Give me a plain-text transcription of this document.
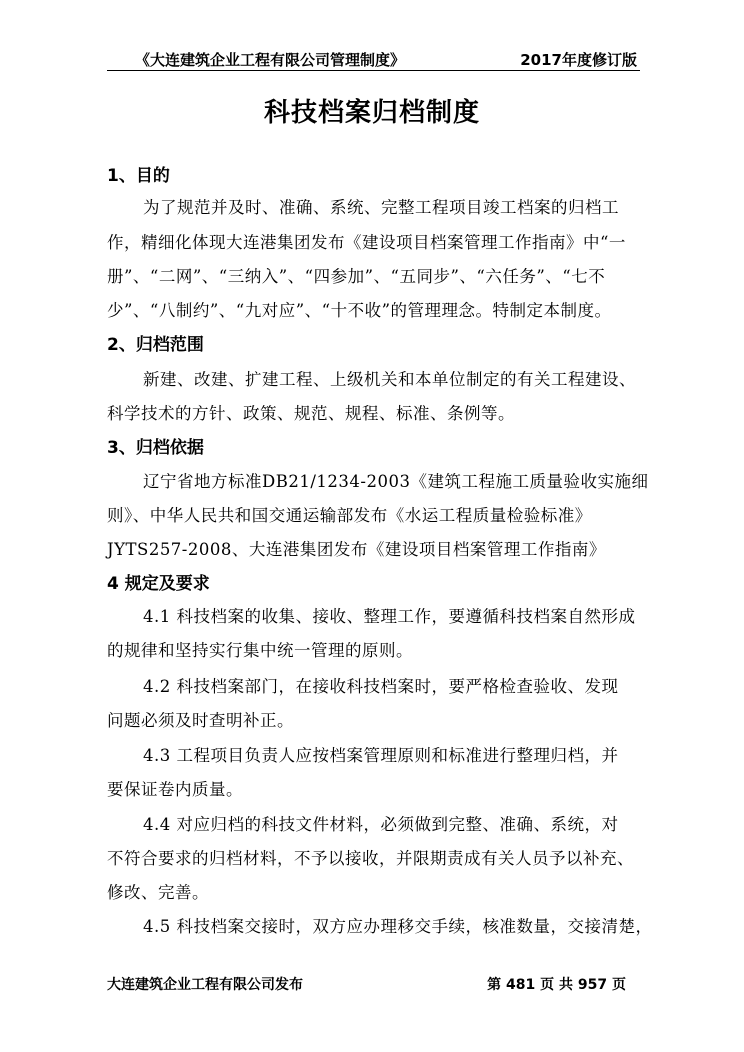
《大连建筑企业工程有限公司管理制度》	2017年度修订版
科技档案归档制度
1、目的
为了规范并及时、准确、系统、完整工程项目竣工档案的归档工
作，精细化体现大连港集团发布《建设项目档案管理工作指南》中“一
册”、“二网”、“三纳入”、“四参加”、“五同步”、“六任务”、“七不
少”、“八制约”、“九对应”、“十不收”的管理理念。特制定本制度。
2、归档范围
新建、改建、扩建工程、上级机关和本单位制定的有关工程建设、
科学技术的方针、政策、规范、规程、标准、条例等。
3、归档依据
辽宁省地方标准DB21/1234-2003《建筑工程施工质量验收实施细
则》、中华人民共和国交通运输部发布《水运工程质量检验标准》
JYTS257-2008、大连港集团发布《建设项目档案管理工作指南》
4 规定及要求
4.1 科技档案的收集、接收、整理工作，要遵循科技档案自然形成
的规律和坚持实行集中统一管理的原则。
4.2 科技档案部门，在接收科技档案时，要严格检查验收、发现
问题必须及时查明补正。
4.3 工程项目负责人应按档案管理原则和标准进行整理归档，并
要保证卷内质量。
4.4 对应归档的科技文件材料，必须做到完整、准确、系统，对
不符合要求的归档材料，不予以接收，并限期责成有关人员予以补充、
修改、完善。
4.5 科技档案交接时，双方应办理移交手续，核准数量，交接清楚，
大连建筑企业工程有限公司发布	第 481 页 共 957 页
